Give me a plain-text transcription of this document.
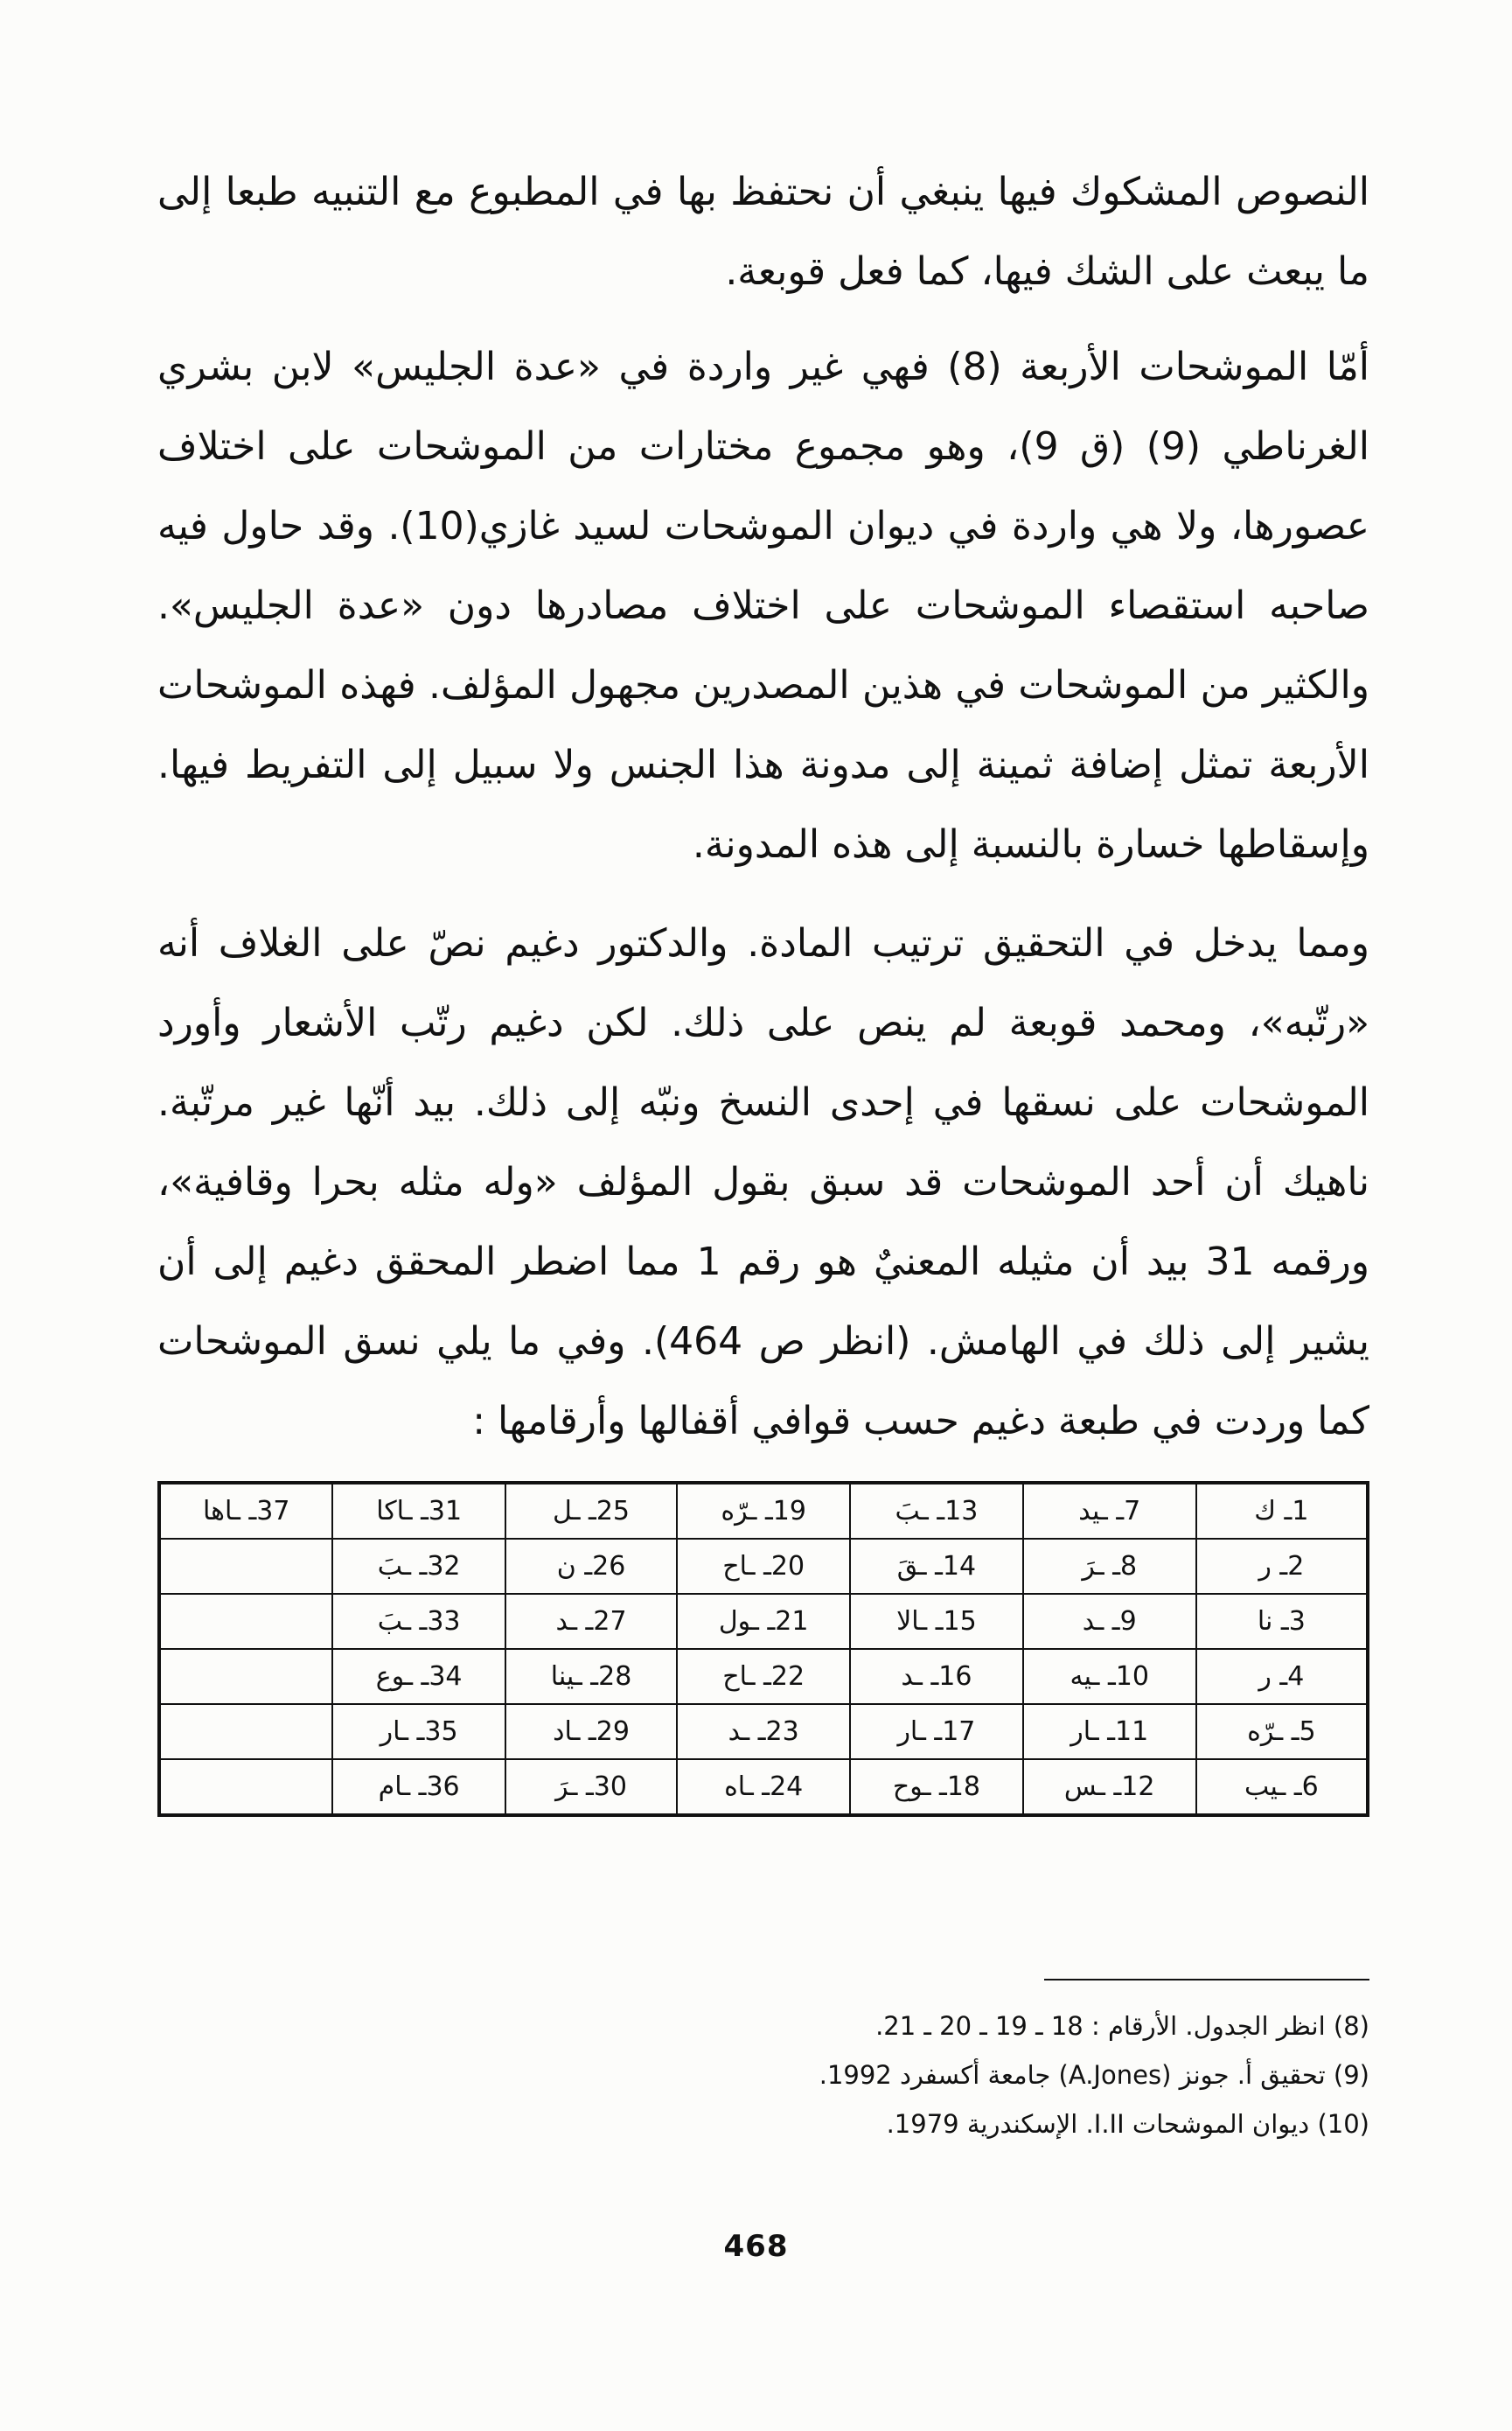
النصوص المشكوك فيها ينبغي أن نحتفظ بها في المطبوع مع التنبيه طبعا إلى ما يبعث على الشك فيها، كما فعل قوبعة.

أمّا الموشحات الأربعة (8) فهي غير واردة في «عدة الجليس» لابن بشري الغرناطي (9) (ق 9)، وهو مجموع مختارات من الموشحات على اختلاف عصورها، ولا هي واردة في ديوان الموشحات لسيد غازي(10). وقد حاول فيه صاحبه استقصاء الموشحات على اختلاف مصادرها دون «عدة الجليس». والكثير من الموشحات في هذين المصدرين مجهول المؤلف. فهذه الموشحات الأربعة تمثل إضافة ثمينة إلى مدونة هذا الجنس ولا سبيل إلى التفريط فيها. وإسقاطها خسارة بالنسبة إلى هذه المدونة.

ومما يدخل في التحقيق ترتيب المادة. والدكتور دغيم نصّ على الغلاف أنه «رتّبه»، ومحمد قوبعة لم ينص على ذلك. لكن دغيم رتّب الأشعار وأورد الموشحات على نسقها في إحدى النسخ ونبّه إلى ذلك. بيد أنّها غير مرتّبة. ناهيك أن أحد الموشحات قد سبق بقول المؤلف «وله مثله بحرا وقافية»، ورقمه 31 بيد أن مثيله المعنيٌ هو رقم 1 مما اضطر المحقق دغيم إلى أن يشير إلى ذلك في الهامش. (انظر ص 464). وفي ما يلي نسق الموشحات كما وردت في طبعة دغيم حسب قوافي أقفالها وأرقامها :

1ـ ك	7ـ ـيد	13ـ ـبَ	19ـ ـرّه	25ـ ـل	31ـ ـاكا	37ـ ـاها
2ـ ر	8ـ ـرَ	14ـ ـقَ	20ـ ـاح	26ـ ن	32ـ ـبَ	
3ـ نا	9ـ ـد	15ـ ـالا	21ـ ـول	27ـ ـد	33ـ ـبَ	
4ـ ر	10ـ ـيه	16ـ ـد	22ـ ـاح	28ـ ـينا	34ـ ـوع	
5ـ ـرّه	11ـ ـار	17ـ ـار	23ـ ـد	29ـ ـاد	35ـ ـار	
6ـ ـيب	12ـ ـس	18ـ ـوح	24ـ ـاه	30ـ ـرَ	36ـ ـام	

(8) انظر الجدول. الأرقام : 18 ـ 19 ـ 20 ـ 21.

(9) تحقيق أ. جونز (A.Jones) جامعة أكسفرد 1992.

(10) ديوان الموشحات I.II. الإسكندرية 1979.

468
